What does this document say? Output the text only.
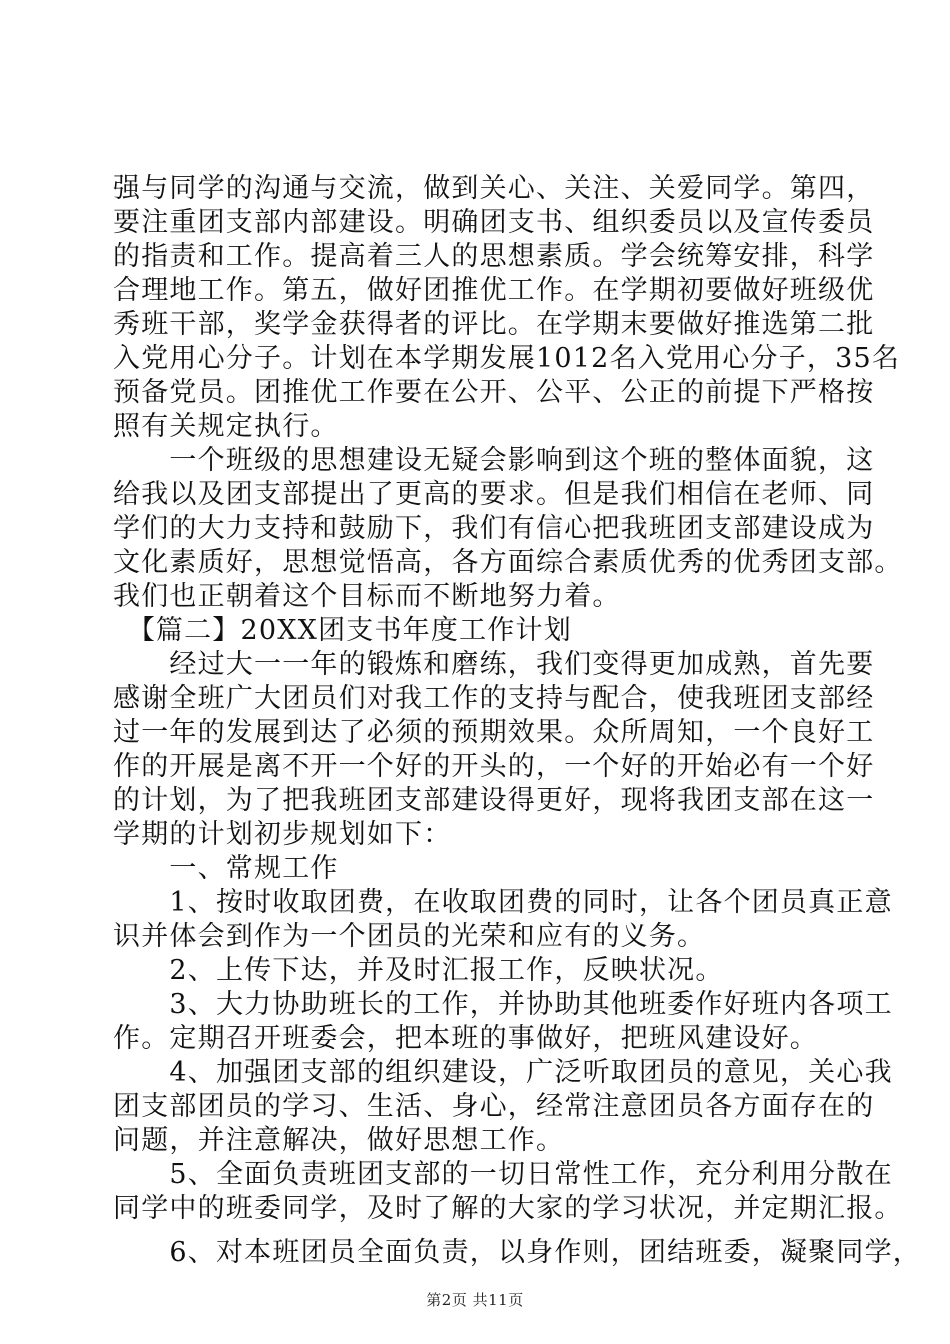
强与同学的沟通与交流，做到关心、关注、关爱同学。第四，
要注重团支部内部建设。明确团支书、组织委员以及宣传委员
的指责和工作。提高着三人的思想素质。学会统筹安排，科学
合理地工作。第五，做好团推优工作。在学期初要做好班级优
秀班干部，奖学金获得者的评比。在学期末要做好推选第二批
入党用心分子。计划在本学期发展1012名入党用心分子，35名
预备党员。团推优工作要在公开、公平、公正的前提下严格按
照有关规定执行。
　　一个班级的思想建设无疑会影响到这个班的整体面貌，这
给我以及团支部提出了更高的要求。但是我们相信在老师、同
学们的大力支持和鼓励下，我们有信心把我班团支部建设成为
文化素质好，思想觉悟高，各方面综合素质优秀的优秀团支部。
我们也正朝着这个目标而不断地努力着。
　【篇二】20XX团支书年度工作计划
　　经过大一一年的锻炼和磨练，我们变得更加成熟，首先要
感谢全班广大团员们对我工作的支持与配合，使我班团支部经
过一年的发展到达了必须的预期效果。众所周知，一个良好工
作的开展是离不开一个好的开头的，一个好的开始必有一个好
的计划，为了把我班团支部建设得更好，现将我团支部在这一
学期的计划初步规划如下：
　　一、常规工作
　　1、按时收取团费，在收取团费的同时，让各个团员真正意
识并体会到作为一个团员的光荣和应有的义务。
　　2、上传下达，并及时汇报工作，反映状况。
　　3、大力协助班长的工作，并协助其他班委作好班内各项工
作。定期召开班委会，把本班的事做好，把班风建设好。
　　4、加强团支部的组织建设，广泛听取团员的意见，关心我
团支部团员的学习、生活、身心，经常注意团员各方面存在的
问题，并注意解决，做好思想工作。
　　5、全面负责班团支部的一切日常性工作，充分利用分散在
同学中的班委同学，及时了解的大家的学习状况，并定期汇报。
　　6、对本班团员全面负责，以身作则，团结班委，凝聚同学，
第2页 共11页
